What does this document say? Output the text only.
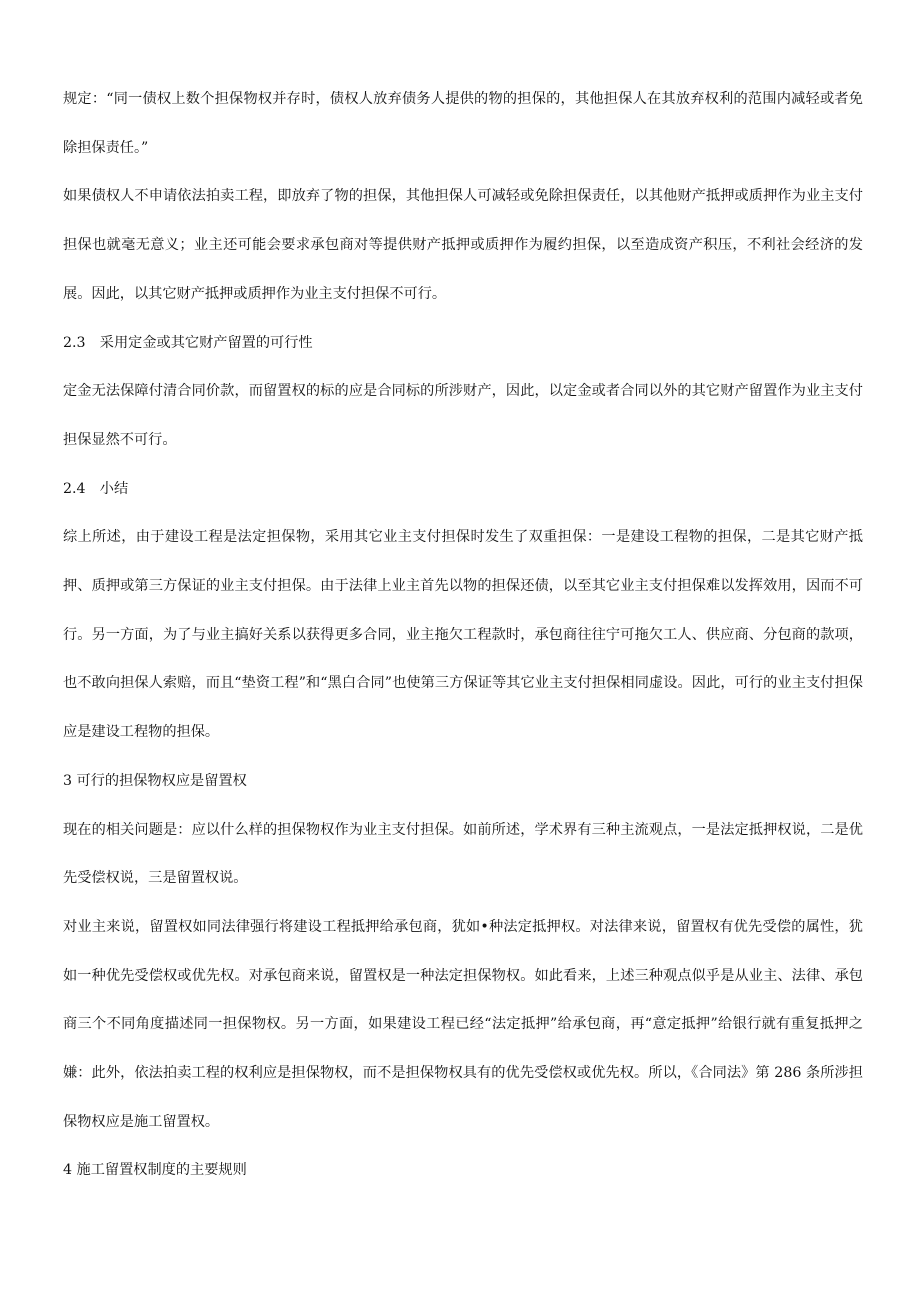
规定：“同一债权上数个担保物权并存时，债权人放弃债务人提供的物的担保的，其他担保人在其放弃权利的范围内减轻或者免除担保责任。”

如果债权人不申请依法拍卖工程，即放弃了物的担保，其他担保人可减轻或免除担保责任，以其他财产抵押或质押作为业主支付担保也就毫无意义；业主还可能会要求承包商对等提供财产抵押或质押作为履约担保，以至造成资产积压，不利社会经济的发展。因此，以其它财产抵押或质押作为业主支付担保不可行。

2.3　采用定金或其它财产留置的可行性

定金无法保障付清合同价款，而留置权的标的应是合同标的所涉财产，因此，以定金或者合同以外的其它财产留置作为业主支付担保显然不可行。

2.4　小结

综上所述，由于建设工程是法定担保物，采用其它业主支付担保时发生了双重担保：一是建设工程物的担保，二是其它财产抵押、质押或第三方保证的业主支付担保。由于法律上业主首先以物的担保还债，以至其它业主支付担保难以发挥效用，因而不可行。另一方面，为了与业主搞好关系以获得更多合同，业主拖欠工程款时，承包商往往宁可拖欠工人、供应商、分包商的款项，也不敢向担保人索赔，而且“垫资工程”和“黑白合同”也使第三方保证等其它业主支付担保相同虚设。因此，可行的业主支付担保应是建设工程物的担保。

3 可行的担保物权应是留置权

现在的相关问题是：应以什么样的担保物权作为业主支付担保。如前所述，学术界有三种主流观点，一是法定抵押权说，二是优先受偿权说，三是留置权说。

对业主来说，留置权如同法律强行将建设工程抵押给承包商，犹如•种法定抵押权。对法律来说，留置权有优先受偿的属性，犹如一种优先受偿权或优先权。对承包商来说，留置权是一种法定担保物权。如此看来，上述三种观点似乎是从业主、法律、承包商三个不同角度描述同一担保物权。另一方面，如果建设工程已经“法定抵押”给承包商，再“意定抵押”给银行就有重复抵押之嫌：此外，依法拍卖工程的权利应是担保物权，而不是担保物权具有的优先受偿权或优先权。所以，《合同法》第 286 条所涉担保物权应是施工留置权。

4 施工留置权制度的主要规则
